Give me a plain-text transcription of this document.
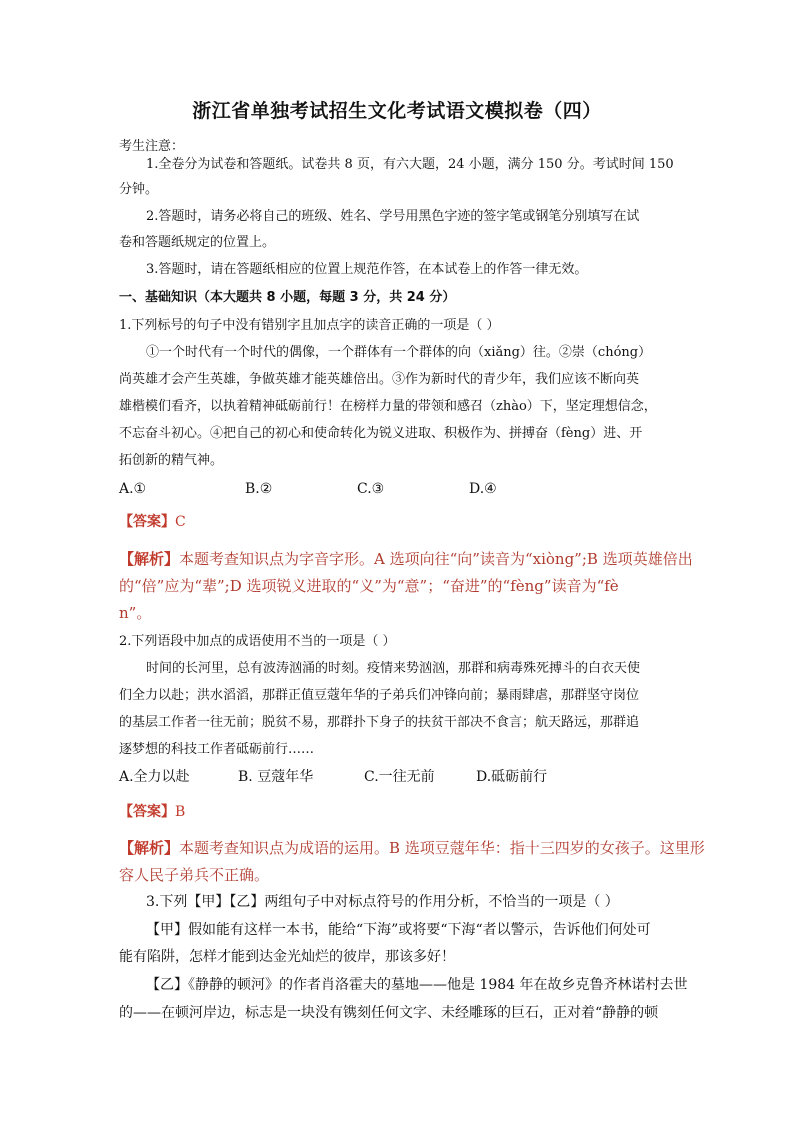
浙江省单独考试招生文化考试语文模拟卷（四）
考生注意：
1.全卷分为试卷和答题纸。试卷共 8 页，有六大题，24 小题，满分 150 分。考试时间 150
分钟。
2.答题时，请务必将自己的班级、姓名、学号用黑色字迹的签字笔或钢笔分别填写在试
卷和答题纸规定的位置上。
3.答题时，请在答题纸相应的位置上规范作答，在本试卷上的作答一律无效。
一、基础知识（本大题共 8 小题，每题 3 分，共 24 分）
1.下列标号的句子中没有错别字且加点字的读音正确的一项是（ ）
①一个时代有一个时代的偶像，一个群体有一个群体的向（xiǎng）往。②崇（chóng）
尚英雄才会产生英雄，争做英雄才能英雄倍出。③作为新时代的青少年，我们应该不断向英
雄楷模们看齐，以执着精神砥砺前行！在榜样力量的带领和感召（zhào）下，坚定理想信念，
不忘奋斗初心。④把自己的初心和使命转化为锐义进取、积极作为、拼搏奋（fèng）进、开
拓创新的精气神。
A.①	B.②	C.③	D.④
【答案】C
【解析】本题考查知识点为字音字形。A 选项向往“向”读音为“xiòng”;B 选项英雄倍出
的“倍”应为“辈”;D 选项锐义进取的“义”为“意”；“奋进”的“fèng”读音为“fè
n”。
2.下列语段中加点的成语使用不当的一项是（ ）
时间的长河里，总有波涛汹涌的时刻。疫情来势汹汹，那群和病毒殊死搏斗的白衣天使
们全力以赴；洪水滔滔，那群正值豆蔻年华的子弟兵们冲锋向前；暴雨肆虐，那群坚守岗位
的基层工作者一往无前；脱贫不易，那群扑下身子的扶贫干部决不食言；航天路远，那群追
逐梦想的科技工作者砥砺前行……
A.全力以赴	B. 豆蔻年华	C.一往无前	D.砥砺前行
【答案】B
【解析】本题考查知识点为成语的运用。B 选项豆蔻年华：指十三四岁的女孩子。这里形
容人民子弟兵不正确。
3.下列【甲】【乙】两组句子中对标点符号的作用分析，不恰当的一项是（ ）
【甲】假如能有这样一本书，能给“下海”或将要“下海“者以警示，告诉他们何处可
能有陷阱，怎样才能到达金光灿烂的彼岸，那该多好！
【乙】《静静的顿河》的作者肖洛霍夫的墓地——他是 1984 年在故乡克鲁齐林诺村去世
的——在顿河岸边，标志是一块没有镌刻任何文字、未经雕琢的巨石，正对着“静静的顿
